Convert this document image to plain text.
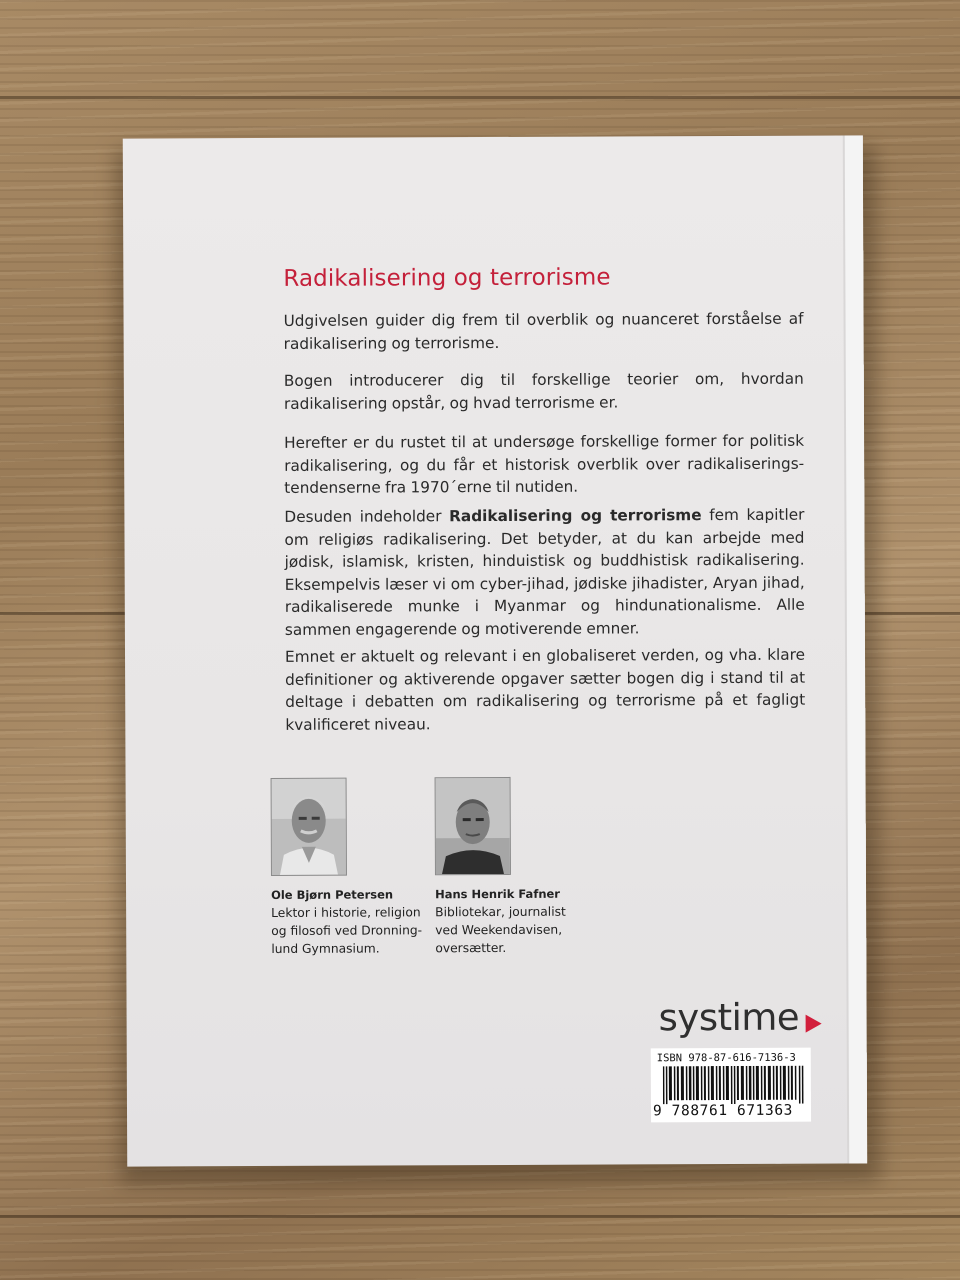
Radikalisering og terrorisme
Udgivelsen guider dig frem til overblik og nuanceret forståelse af radikalisering og terrorisme.
Bogen introducerer dig til forskellige teorier om, hvordan radikalisering opstår, og hvad terrorisme er.
Herefter er du rustet til at undersøge forskellige former for politisk radikalisering, og du får et historisk overblik over radikaliserings-tendenserne fra 1970´erne til nutiden.
Desuden indeholder Radikalisering og terrorisme fem kapitler om religiøs radikalisering. Det betyder, at du kan arbejde med jødisk, islamisk, kristen, hinduistisk og buddhistisk radikalisering. Eksempelvis læser vi om cyber-jihad, jødiske jihadister, Aryan jihad, radikaliserede munke i Myanmar og hindunationalisme. Alle sammen engagerende og motiverende emner.
Emnet er aktuelt og relevant i en globaliseret verden, og vha. klare definitioner og aktiverende opgaver sætter bogen dig i stand til at deltage i debatten om radikalisering og terrorisme på et fagligt kvalificeret niveau.
Ole Bjørn Petersen
Lektor i historie, religion
og filosofi ved Dronning-
lund Gymnasium.
Hans Henrik Fafner
Bibliotekar, journalist
ved Weekendavisen,
oversætter.
systime
ISBN 978-87-616-7136-3
9 788761 671363
